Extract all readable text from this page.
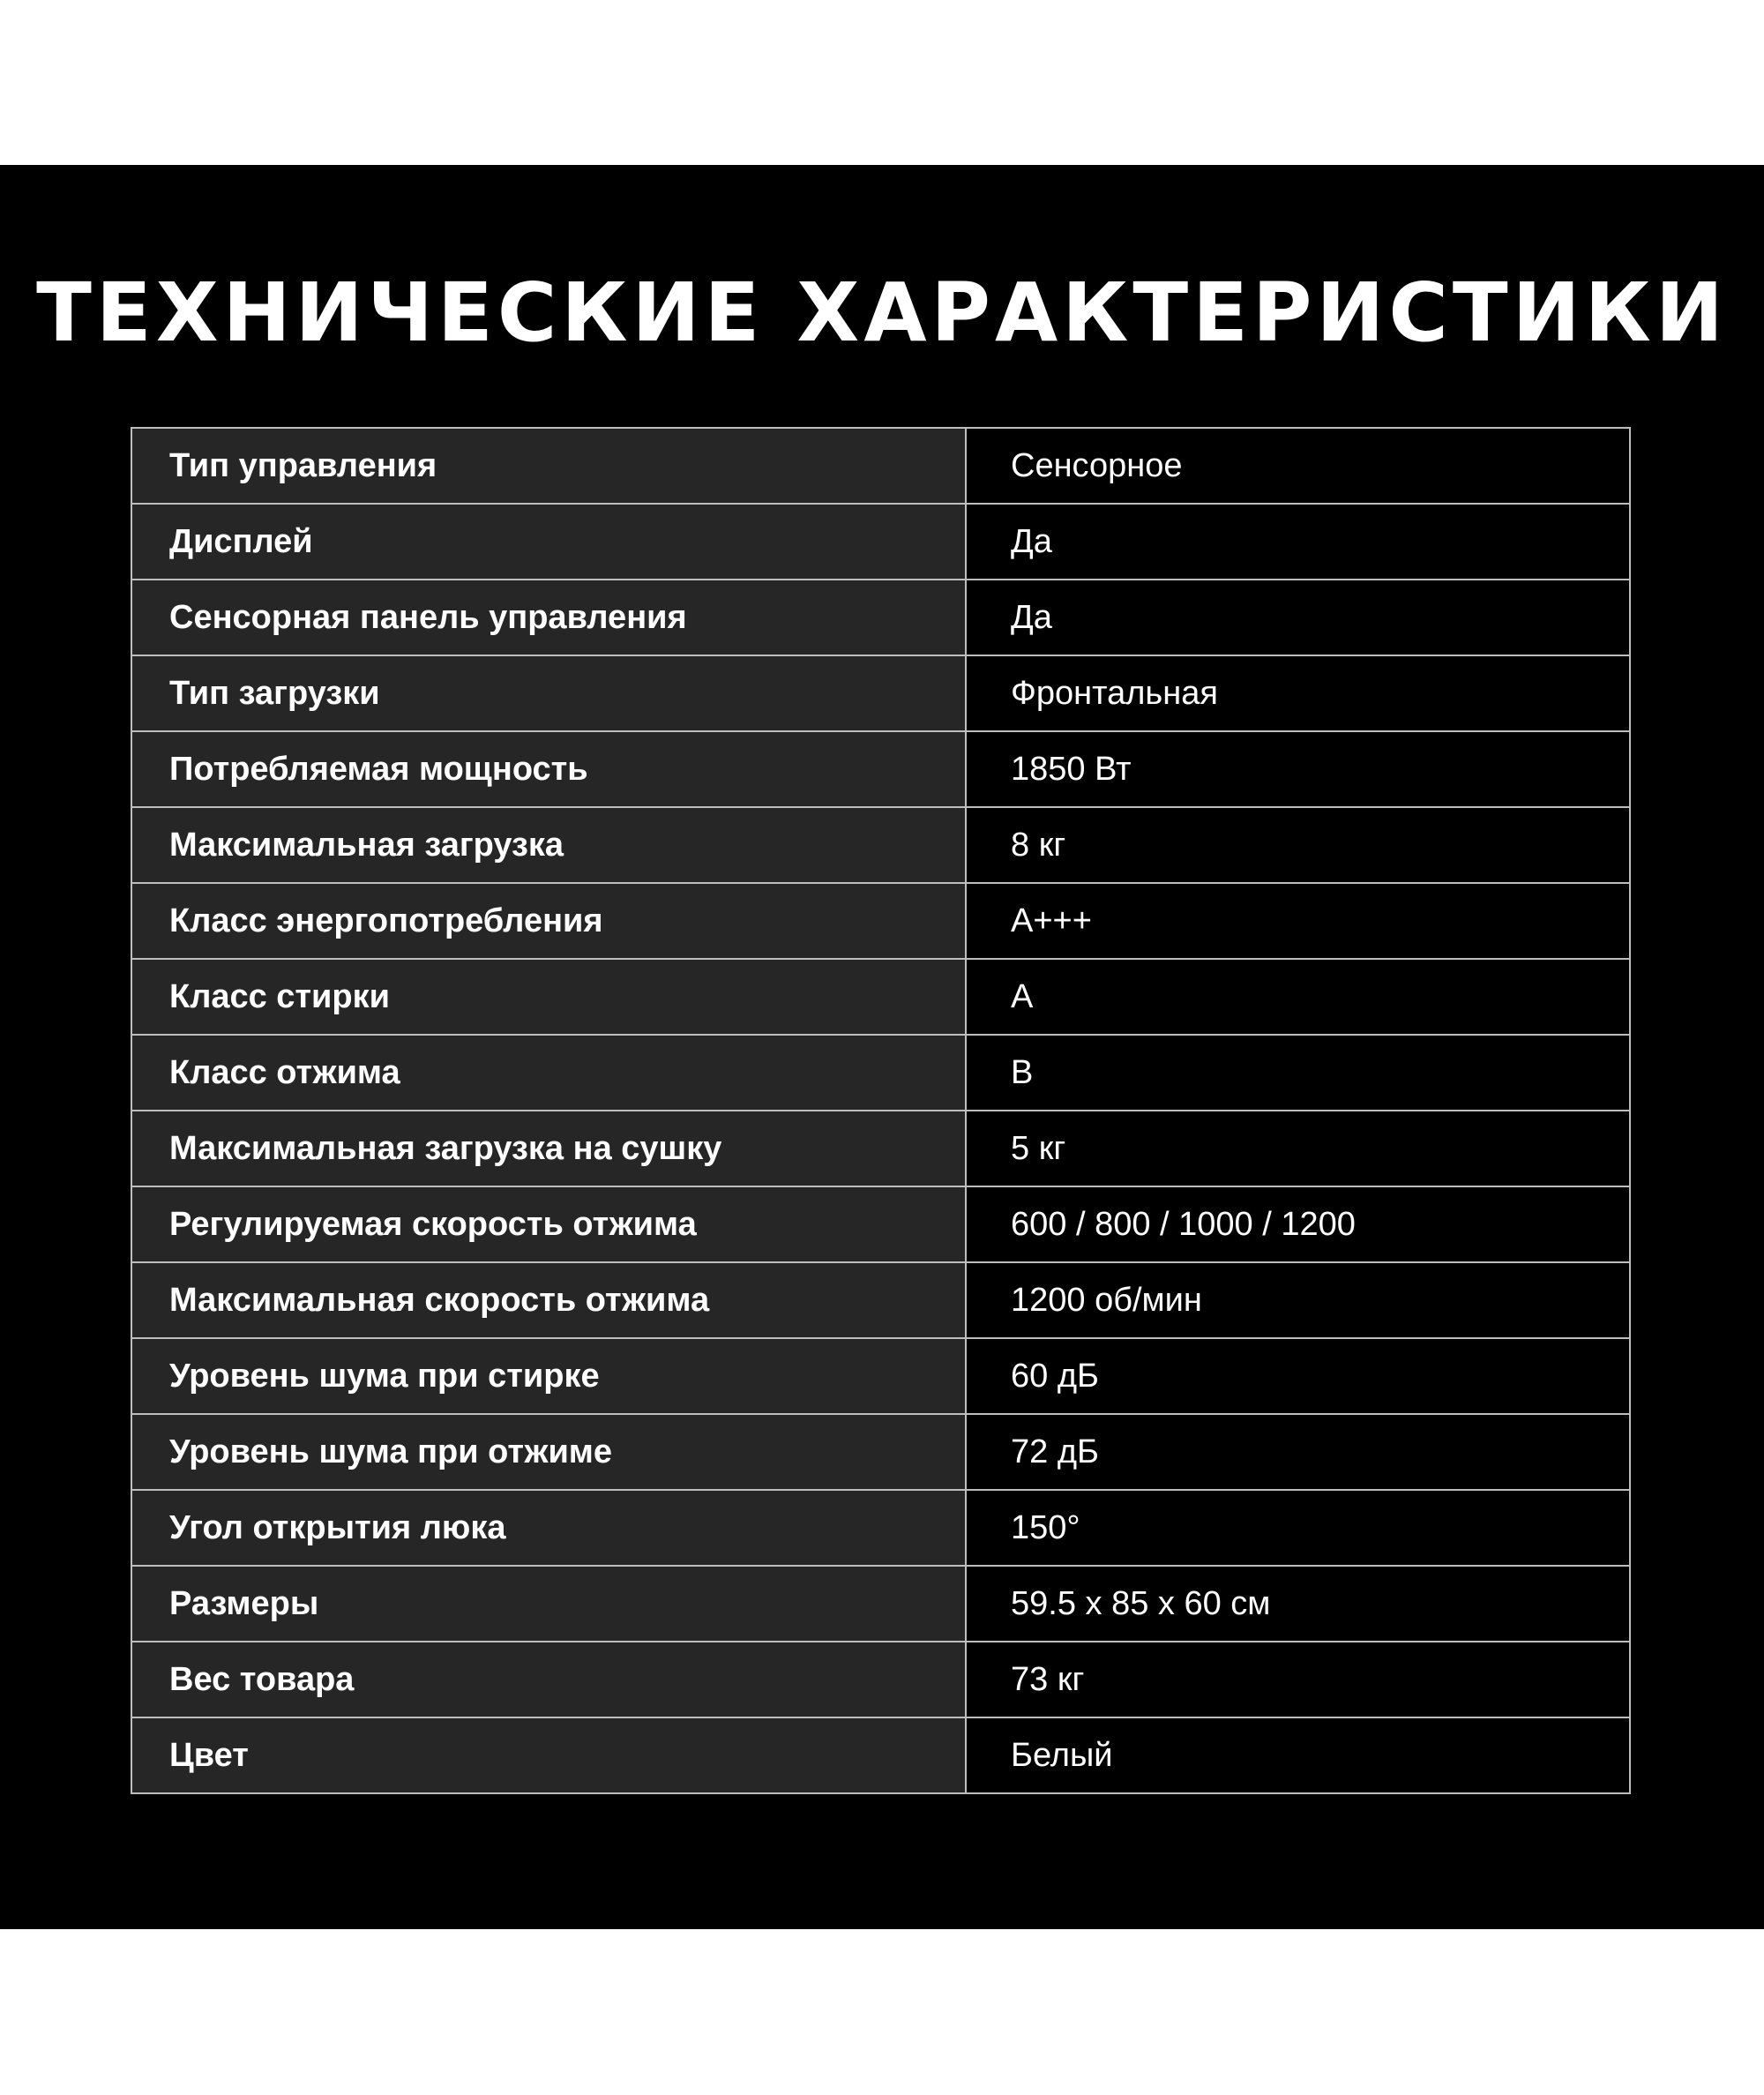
ТЕХНИЧЕСКИЕ ХАРАКТЕРИСТИКИ
Тип управления	Сенсорное
Дисплей	Да
Сенсорная панель управления	Да
Тип загрузки	Фронтальная
Потребляемая мощность	1850 Вт
Максимальная загрузка	8 кг
Класс энергопотребления	A+++
Класс стирки	A
Класс отжима	B
Максимальная загрузка на сушку	5 кг
Регулируемая скорость отжима	600 / 800 / 1000 / 1200
Максимальная скорость отжима	1200 об/мин
Уровень шума при стирке	60 дБ
Уровень шума при отжиме	72 дБ
Угол открытия люка	150°
Размеры	59.5 х 85 х 60 см
Вес товара	73 кг
Цвет	Белый
